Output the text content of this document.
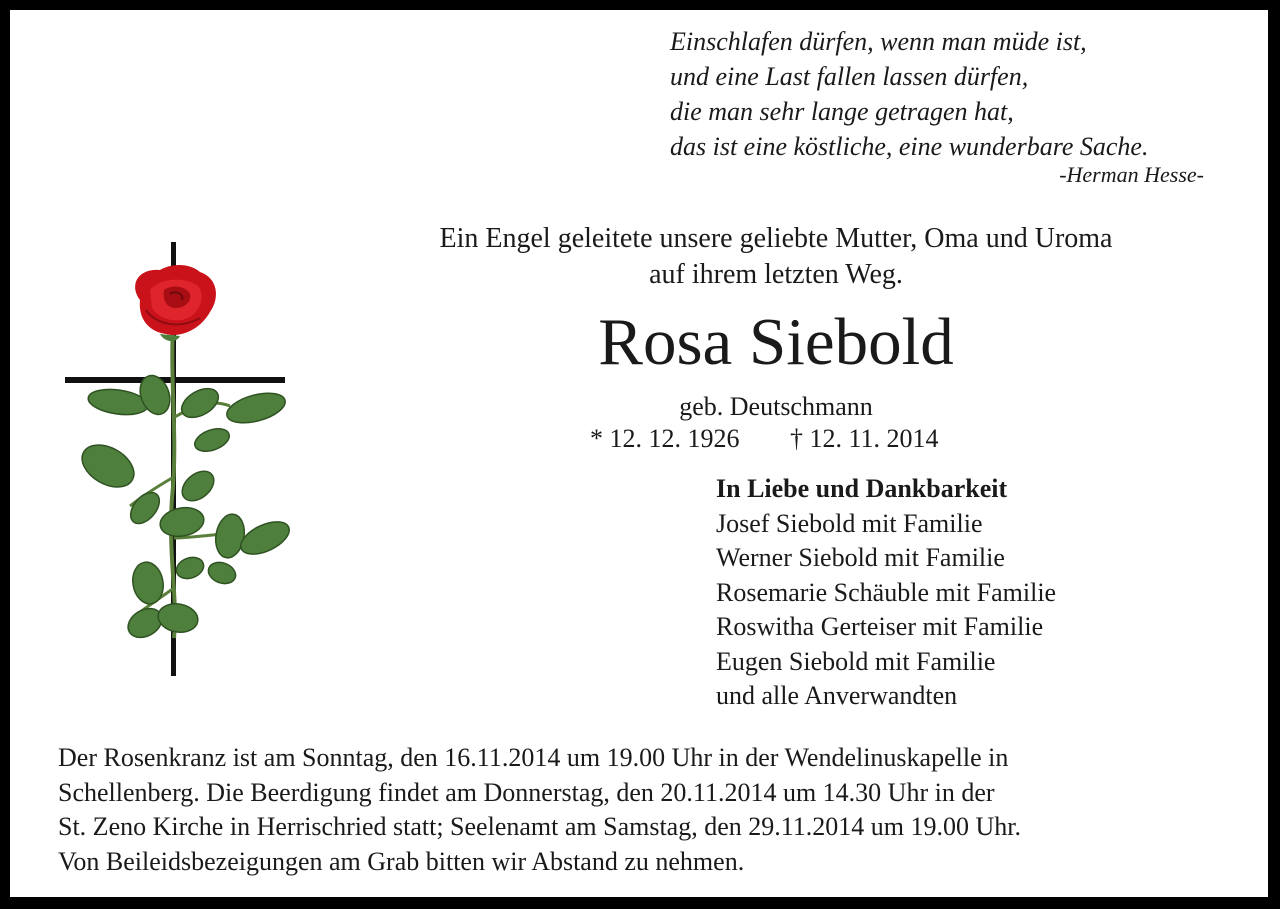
Einschlafen dürfen, wenn man müde ist,
und eine Last fallen lassen dürfen,
die man sehr lange getragen hat,
das ist eine köstliche, eine wunderbare Sache.
-Herman Hesse-
Ein Engel geleitete unsere geliebte Mutter, Oma und Uroma
auf ihrem letzten Weg.
Rosa Siebold
geb. Deutschmann
* 12. 12. 1926 † 12. 11. 2014
In Liebe und Dankbarkeit
Josef Siebold mit Familie
Werner Siebold mit Familie
Rosemarie Schäuble mit Familie
Roswitha Gerteiser mit Familie
Eugen Siebold mit Familie
und alle Anverwandten
Der Rosenkranz ist am Sonntag, den 16.11.2014 um 19.00 Uhr in der Wendelinuskapelle in
Schellenberg. Die Beerdigung findet am Donnerstag, den 20.11.2014 um 14.30 Uhr in der
St. Zeno Kirche in Herrischried statt; Seelenamt am Samstag, den 29.11.2014 um 19.00 Uhr.
Von Beileidsbezeigungen am Grab bitten wir Abstand zu nehmen.
